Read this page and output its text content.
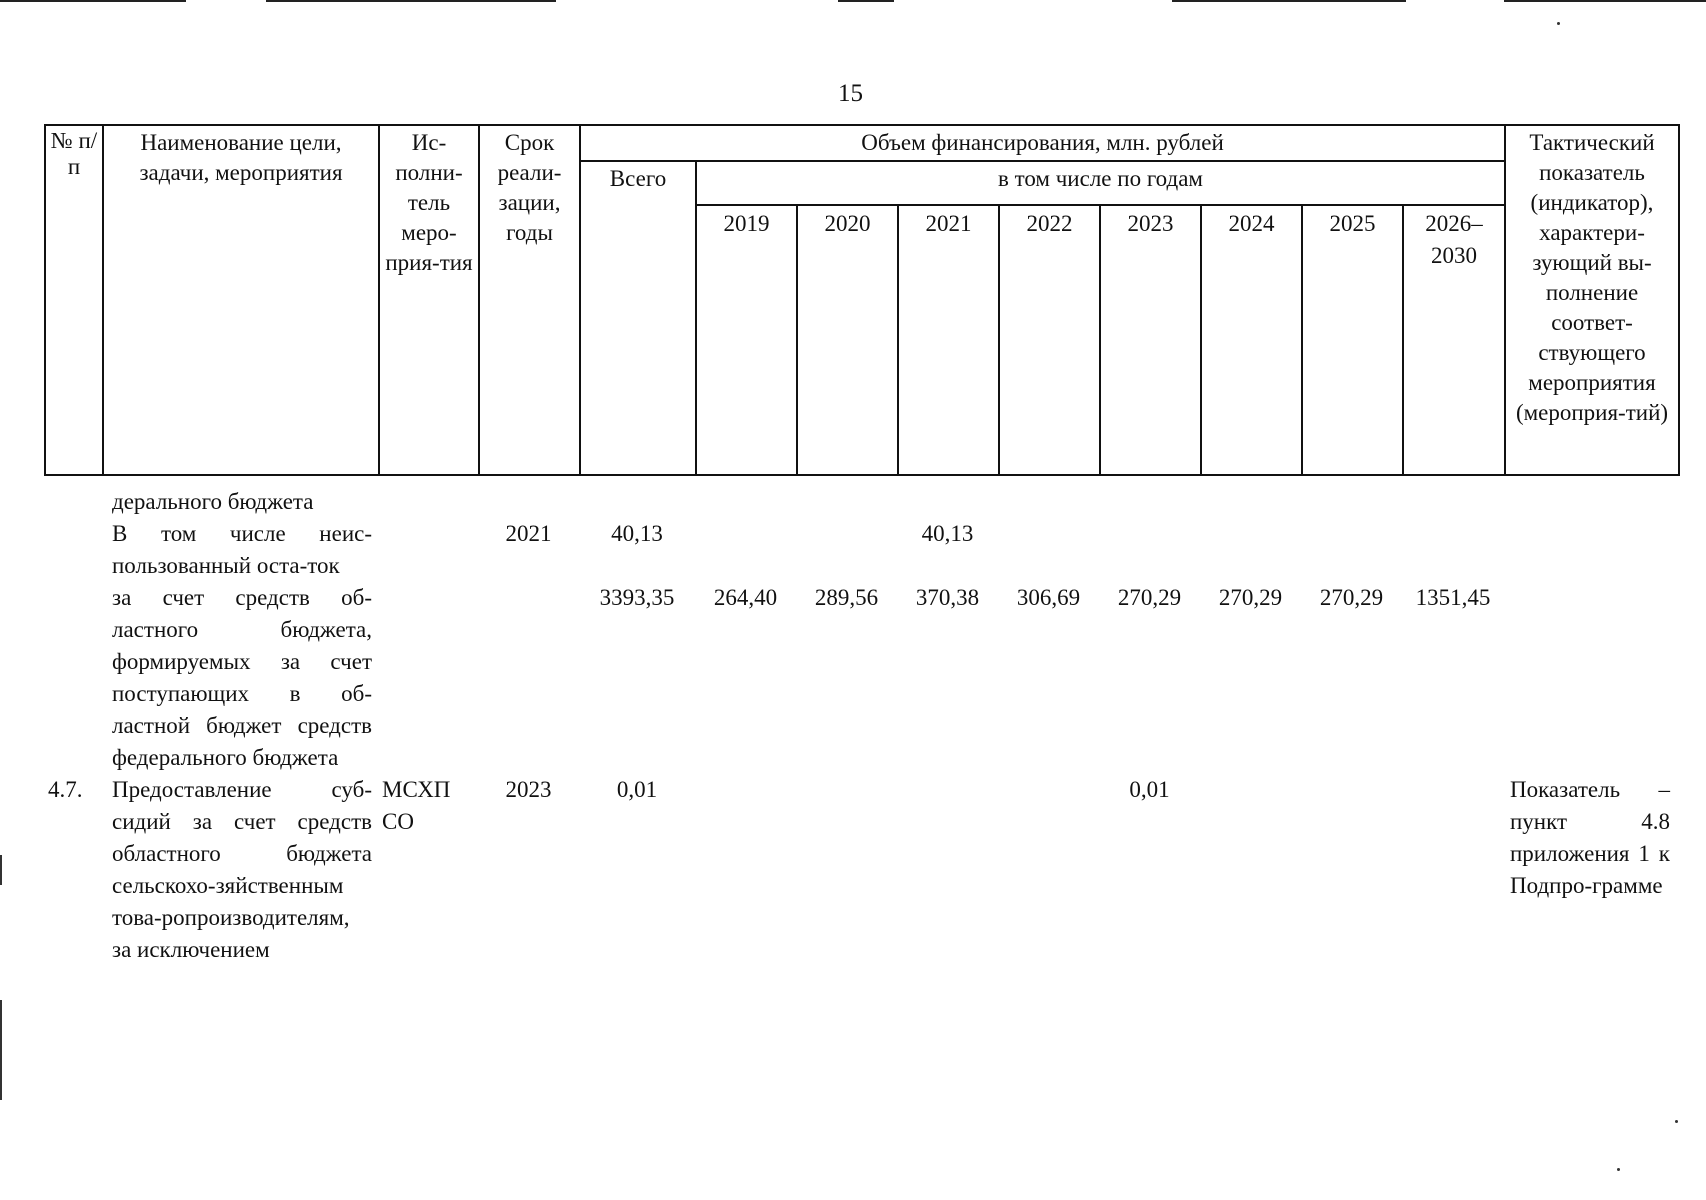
15
№ п/п	Наименование цели, задачи, мероприятия	Ис-полни-тель меро-прия-тия	Срок реали-зации, годы	Объем финансирования, млн. рублей									Тактический показатель (индикатор), характери-зующий вы-полнение соответ-ствующего мероприятия (мероприя-тий)
				Всего	в том числе по годам								
					2019	2020	2021	2022	2023	2024	2025	2026–2030	
	дерального бюджета												
	В том числе неис-пользованный оста-ток		2021	40,13			40,13						
	за счет средств об-ластного бюджета, формируемых за счет поступающих в об-ластной бюджет средств федерального бюджета			3393,35	264,40	289,56	370,38	306,69	270,29	270,29	270,29	1351,45	
4.7.	Предоставление суб-сидий за счет средств областного бюджета сельскохо-зяйственным това-ропроизводителям, за исключением	МСХП СО	2023	0,01					0,01				Показатель – пункт 4.8 приложения 1 к Подпро-грамме
